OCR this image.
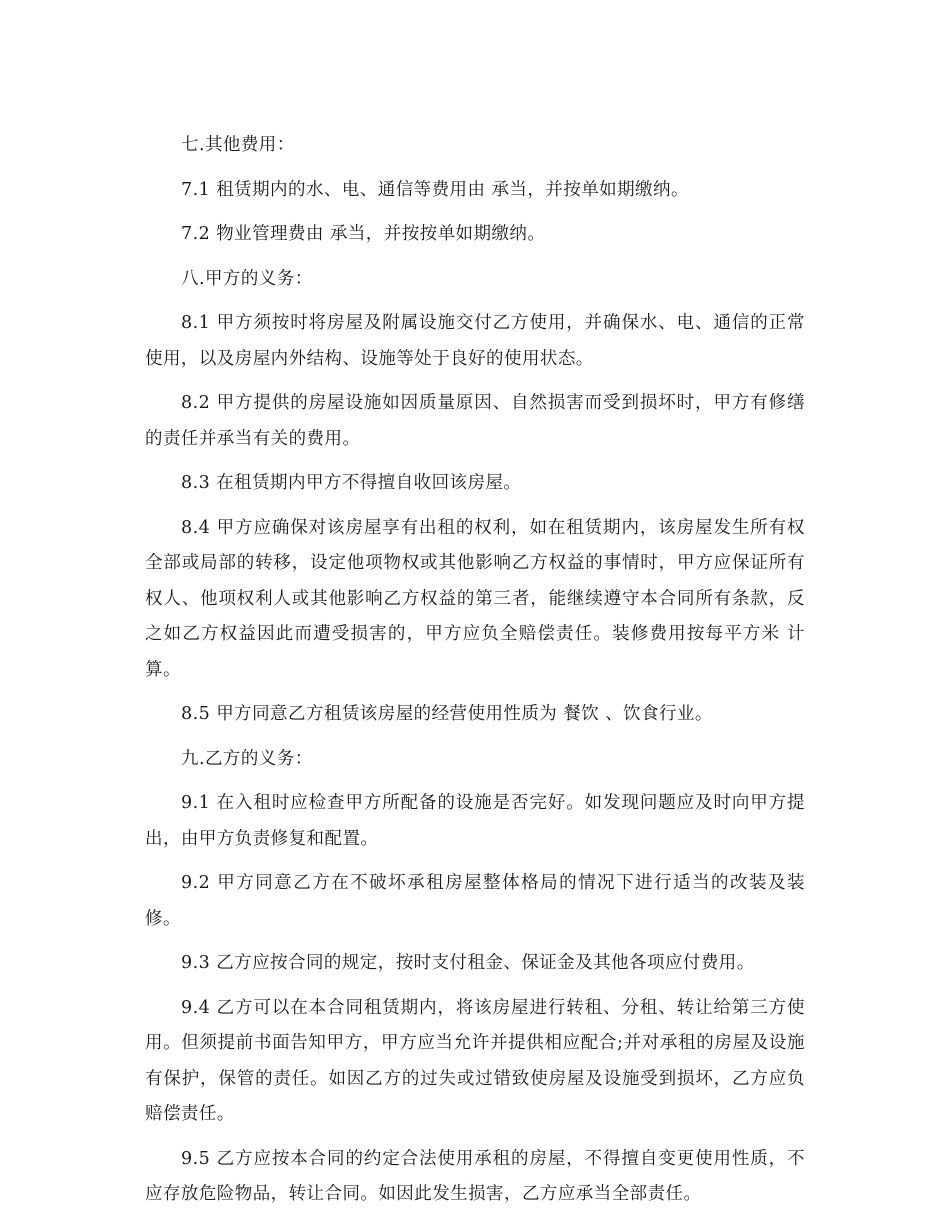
七.其他费用：

7.1 租赁期内的水、电、通信等费用由 承当，并按单如期缴纳。

7.2 物业管理费由 承当，并按按单如期缴纳。

八.甲方的义务：

8.1 甲方须按时将房屋及附属设施交付乙方使用，并确保水、电、通信的正常使用，以及房屋内外结构、设施等处于良好的使用状态。

8.2 甲方提供的房屋设施如因质量原因、自然损害而受到损坏时，甲方有修缮的责任并承当有关的费用。

8.3 在租赁期内甲方不得擅自收回该房屋。

8.4 甲方应确保对该房屋享有出租的权利，如在租赁期内，该房屋发生所有权全部或局部的转移，设定他项物权或其他影响乙方权益的事情时，甲方应保证所有权人、他项权利人或其他影响乙方权益的第三者，能继续遵守本合同所有条款，反之如乙方权益因此而遭受损害的，甲方应负全赔偿责任。装修费用按每平方米 计算。

8.5 甲方同意乙方租赁该房屋的经营使用性质为 餐饮 、饮食行业。

九.乙方的义务：

9.1 在入租时应检查甲方所配备的设施是否完好。如发现问题应及时向甲方提出，由甲方负责修复和配置。

9.2 甲方同意乙方在不破坏承租房屋整体格局的情况下进行适当的改装及装修。

9.3 乙方应按合同的规定，按时支付租金、保证金及其他各项应付费用。

9.4 乙方可以在本合同租赁期内，将该房屋进行转租、分租、转让给第三方使用。但须提前书面告知甲方，甲方应当允许并提供相应配合;并对承租的房屋及设施有保护，保管的责任。如因乙方的过失或过错致使房屋及设施受到损坏，乙方应负赔偿责任。

9.5 乙方应按本合同的约定合法使用承租的房屋，不得擅自变更使用性质，不应存放危险物品，转让合同。如因此发生损害，乙方应承当全部责任。
